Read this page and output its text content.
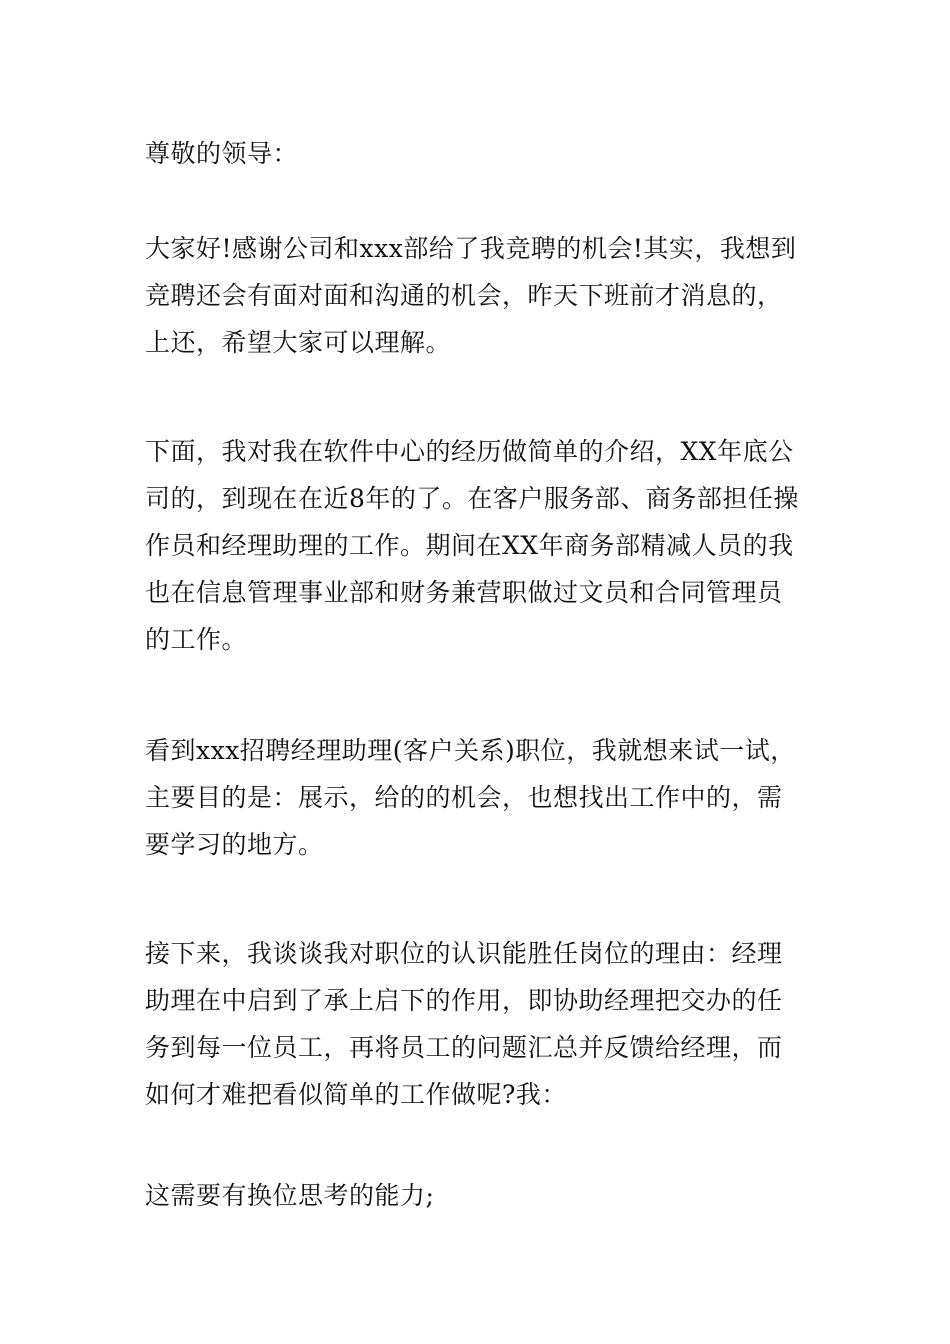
尊敬的领导：
大家好!感谢公司和xxx部给了我竞聘的机会!其实，我想到
竞聘还会有面对面和沟通的机会，昨天下班前才消息的，
上还，希望大家可以理解。
下面，我对我在软件中心的经历做简单的介绍，XX年底公
司的，到现在在近8年的了。在客户服务部、商务部担任操
作员和经理助理的工作。期间在XX年商务部精减人员的我
也在信息管理事业部和财务兼营职做过文员和合同管理员
的工作。
看到xxx招聘经理助理(客户关系)职位，我就想来试一试，
主要目的是：展示，给的的机会，也想找出工作中的，需
要学习的地方。
接下来，我谈谈我对职位的认识能胜任岗位的理由：经理
助理在中启到了承上启下的作用，即协助经理把交办的任
务到每一位员工，再将员工的问题汇总并反馈给经理，而
如何才难把看似简单的工作做呢?我：
这需要有换位思考的能力;
